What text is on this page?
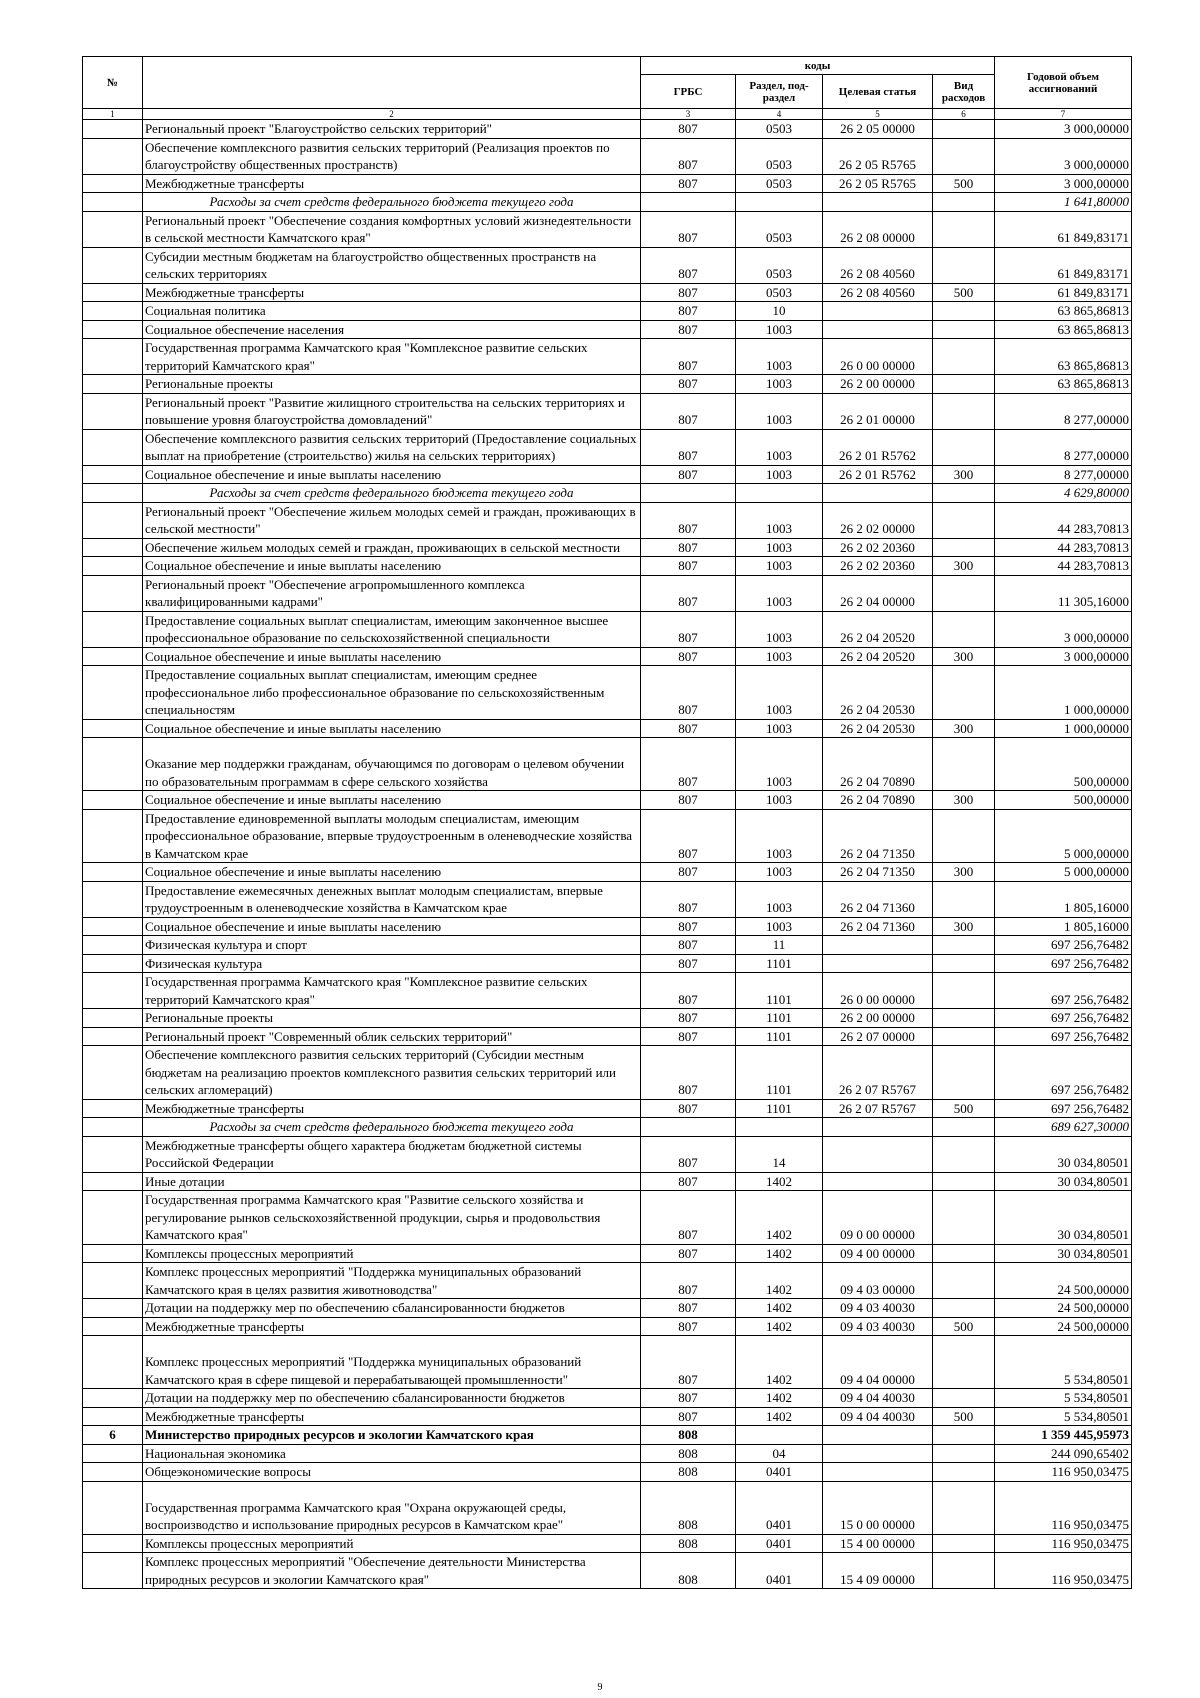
№		коды				Годовой объем ассигнований
		ГРБС	Раздел, под-раздел	Целевая статья	Вид расходов	
1	2	3	4	5	6	7
	Региональный проект "Благоустройство сельских территорий"	807	0503	26 2 05 00000		3 000,00000
	Обеспечение комплексного развития сельских территорий (Реализация проектов по благоустройству общественных пространств)	807	0503	26 2 05 R5765		3 000,00000
	Межбюджетные трансферты	807	0503	26 2 05 R5765	500	3 000,00000
	Расходы за счет средств федерального бюджета текущего года					1 641,80000
	Региональный проект "Обеспечение создания комфортных условий жизнедеятельности в сельской местности Камчатского края"	807	0503	26 2 08 00000		61 849,83171
	Субсидии местным бюджетам на благоустройство общественных пространств на сельских территориях	807	0503	26 2 08 40560		61 849,83171
	Межбюджетные трансферты	807	0503	26 2 08 40560	500	61 849,83171
	Социальная политика	807	10			63 865,86813
	Социальное обеспечение населения	807	1003			63 865,86813
	Государственная программа Камчатского края "Комплексное развитие сельских территорий Камчатского края"	807	1003	26 0 00 00000		63 865,86813
	Региональные проекты	807	1003	26 2 00 00000		63 865,86813
	Региональный проект "Развитие жилищного строительства на сельских территориях и повышение уровня благоустройства домовладений"	807	1003	26 2 01 00000		8 277,00000
	Обеспечение комплексного развития сельских территорий (Предоставление социальных выплат на приобретение (строительство) жилья на сельских территориях)	807	1003	26 2 01 R5762		8 277,00000
	Социальное обеспечение и иные выплаты населению	807	1003	26 2 01 R5762	300	8 277,00000
	Расходы за счет средств федерального бюджета текущего года					4 629,80000
	Региональный проект "Обеспечение жильем молодых семей и граждан, проживающих в сельской местности"	807	1003	26 2 02 00000		44 283,70813
	Обеспечение жильем молодых семей и граждан, проживающих в сельской местности	807	1003	26 2 02 20360		44 283,70813
	Социальное обеспечение и иные выплаты населению	807	1003	26 2 02 20360	300	44 283,70813
	Региональный проект "Обеспечение агропромышленного комплекса квалифицированными кадрами"	807	1003	26 2 04 00000		11 305,16000
	Предоставление социальных выплат специалистам, имеющим законченное высшее профессиональное образование по сельскохозяйственной специальности	807	1003	26 2 04 20520		3 000,00000
	Социальное обеспечение и иные выплаты населению	807	1003	26 2 04 20520	300	3 000,00000
	Предоставление социальных выплат специалистам, имеющим среднее профессиональное либо профессиональное образование по сельскохозяйственным специальностям	807	1003	26 2 04 20530		1 000,00000
	Социальное обеспечение и иные выплаты населению	807	1003	26 2 04 20530	300	1 000,00000
	Оказание мер поддержки гражданам, обучающимся по договорам о целевом обучении по образовательным программам в сфере сельского хозяйства	807	1003	26 2 04 70890		500,00000
	Социальное обеспечение и иные выплаты населению	807	1003	26 2 04 70890	300	500,00000
	Предоставление единовременной выплаты молодым специалистам, имеющим профессиональное образование, впервые трудоустроенным в оленеводческие хозяйства в Камчатском крае	807	1003	26 2 04 71350		5 000,00000
	Социальное обеспечение и иные выплаты населению	807	1003	26 2 04 71350	300	5 000,00000
	Предоставление ежемесячных денежных выплат молодым специалистам, впервые трудоустроенным в оленеводческие хозяйства в Камчатском крае	807	1003	26 2 04 71360		1 805,16000
	Социальное обеспечение и иные выплаты населению	807	1003	26 2 04 71360	300	1 805,16000
	Физическая культура и спорт	807	11			697 256,76482
	Физическая культура	807	1101			697 256,76482
	Государственная программа Камчатского края "Комплексное развитие сельских территорий Камчатского края"	807	1101	26 0 00 00000		697 256,76482
	Региональные проекты	807	1101	26 2 00 00000		697 256,76482
	Региональный проект "Современный облик сельских территорий"	807	1101	26 2 07 00000		697 256,76482
	Обеспечение комплексного развития сельских территорий (Субсидии местным бюджетам на реализацию проектов комплексного развития сельских территорий или сельских агломераций)	807	1101	26 2 07 R5767		697 256,76482
	Межбюджетные трансферты	807	1101	26 2 07 R5767	500	697 256,76482
	Расходы за счет средств федерального бюджета текущего года					689 627,30000
	Межбюджетные трансферты общего характера бюджетам бюджетной системы Российской Федерации	807	14			30 034,80501
	Иные дотации	807	1402			30 034,80501
	Государственная программа Камчатского края "Развитие сельского хозяйства и регулирование рынков сельскохозяйственной продукции, сырья и продовольствия Камчатского края"	807	1402	09 0 00 00000		30 034,80501
	Комплексы процессных мероприятий	807	1402	09 4 00 00000		30 034,80501
	Комплекс процессных мероприятий "Поддержка муниципальных образований Камчатского края в целях развития животноводства"	807	1402	09 4 03 00000		24 500,00000
	Дотации на поддержку мер по обеспечению сбалансированности бюджетов	807	1402	09 4 03 40030		24 500,00000
	Межбюджетные трансферты	807	1402	09 4 03 40030	500	24 500,00000
	Комплекс процессных мероприятий "Поддержка муниципальных образований Камчатского края в сфере пищевой и перерабатывающей промышленности"	807	1402	09 4 04 00000		5 534,80501
	Дотации на поддержку мер по обеспечению сбалансированности бюджетов	807	1402	09 4 04 40030		5 534,80501
	Межбюджетные трансферты	807	1402	09 4 04 40030	500	5 534,80501
6	Министерство природных ресурсов и экологии Камчатского края	808				1 359 445,95973
	Национальная экономика	808	04			244 090,65402
	Общеэкономические вопросы	808	0401			116 950,03475
	Государственная программа Камчатского края "Охрана окружающей среды, воспроизводство и использование природных ресурсов в Камчатском крае"	808	0401	15 0 00 00000		116 950,03475
	Комплексы процессных мероприятий	808	0401	15 4 00 00000		116 950,03475
	Комплекс процессных мероприятий "Обеспечение деятельности Министерства природных ресурсов и экологии Камчатского края"	808	0401	15 4 09 00000		116 950,03475
9
